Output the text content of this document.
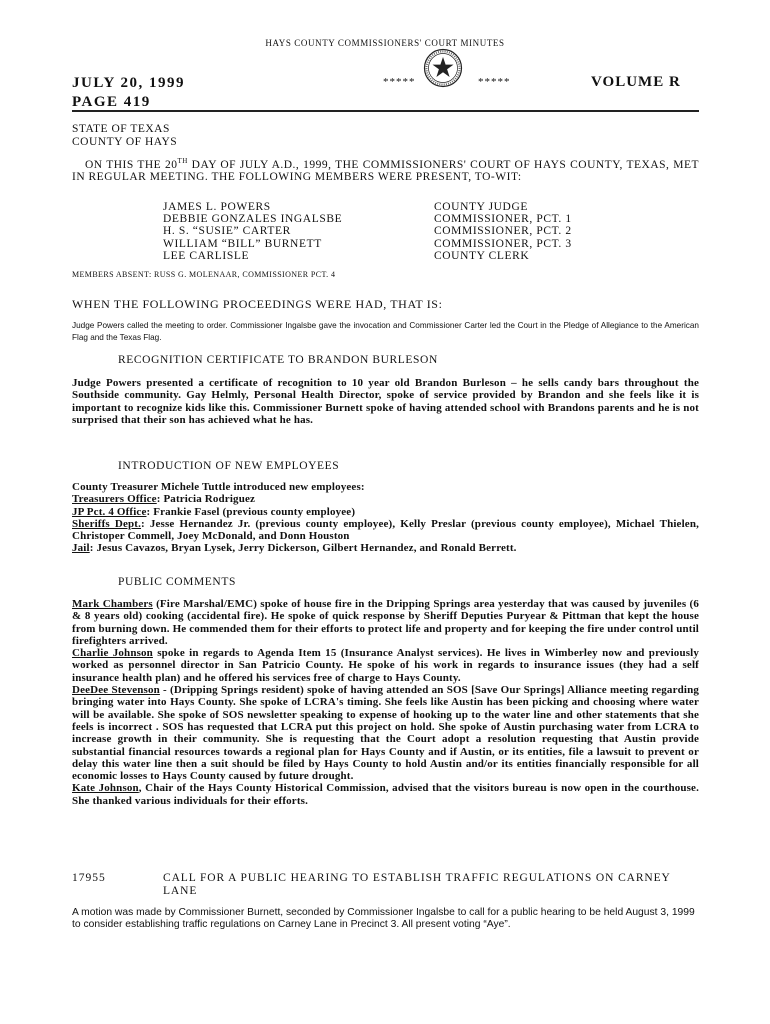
HAYS COUNTY COMMISSIONERS' COURT MINUTES
*****	*****
JULY 20, 1999
PAGE 419
VOLUME R
STATE OF TEXAS
COUNTY OF HAYS

ON THIS THE 20TH DAY OF JULY A.D., 1999, THE COMMISSIONERS' COURT OF HAYS COUNTY, TEXAS, MET IN REGULAR MEETING. THE FOLLOWING MEMBERS WERE PRESENT, TO-WIT:

JAMES L. POWERS	COUNTY JUDGE
DEBBIE GONZALES INGALSBE	COMMISSIONER, PCT. 1
H. S. “SUSIE” CARTER	COMMISSIONER, PCT. 2
WILLIAM “BILL” BURNETT	COMMISSIONER, PCT. 3
LEE CARLISLE	COUNTY CLERK
MEMBERS ABSENT: RUSS G. MOLENAAR, COMMISSIONER PCT. 4
WHEN THE FOLLOWING PROCEEDINGS WERE HAD, THAT IS:

Judge Powers called the meeting to order. Commissioner Ingalsbe gave the invocation and Commissioner Carter led the Court in the Pledge of Allegiance to the American Flag and the Texas Flag.

RECOGNITION CERTIFICATE TO BRANDON BURLESON

Judge Powers presented a certificate of recognition to 10 year old Brandon Burleson – he sells candy bars throughout the Southside community. Gay Helmly, Personal Health Director, spoke of service provided by Brandon and she feels like it is important to recognize kids like this. Commissioner Burnett spoke of having attended school with Brandons parents and he is not surprised that their son has achieved what he has.

INTRODUCTION OF NEW EMPLOYEES
County Treasurer Michele Tuttle introduced new employees:
Treasurers Office: Patricia Rodriguez
JP Pct. 4 Office: Frankie Fasel (previous county employee)
Sheriffs Dept.: Jesse Hernandez Jr. (previous county employee), Kelly Preslar (previous county employee), Michael Thielen, Christoper Commell, Joey McDonald, and Donn Houston
Jail: Jesus Cavazos, Bryan Lysek, Jerry Dickerson, Gilbert Hernandez, and Ronald Berrett.
PUBLIC COMMENTS

Mark Chambers (Fire Marshal/EMC) spoke of house fire in the Dripping Springs area yesterday that was caused by juveniles (6 & 8 years old) cooking (accidental fire). He spoke of quick response by Sheriff Deputies Puryear & Pittman that kept the house from burning down. He commended them for their efforts to protect life and property and for keeping the fire under control until firefighters arrived.

Charlie Johnson spoke in regards to Agenda Item 15 (Insurance Analyst services). He lives in Wimberley now and previously worked as personnel director in San Patricio County. He spoke of his work in regards to insurance issues (they had a self insurance health plan) and he offered his services free of charge to Hays County.

DeeDee Stevenson - (Dripping Springs resident) spoke of having attended an SOS [Save Our Springs] Alliance meeting regarding bringing water into Hays County. She spoke of LCRA's timing. She feels like Austin has been picking and choosing where water will be available. She spoke of SOS newsletter speaking to expense of hooking up to the water line and other statements that she feels is incorrect . SOS has requested that LCRA put this project on hold. She spoke of Austin purchasing water from LCRA to increase growth in their community. She is requesting that the Court adopt a resolution requesting that Austin provide substantial financial resources towards a regional plan for Hays County and if Austin, or its entities, file a lawsuit to prevent or delay this water line then a suit should be filed by Hays County to hold Austin and/or its entities financially responsible for all economic losses to Hays County caused by future drought.

Kate Johnson, Chair of the Hays County Historical Commission, advised that the visitors bureau is now open in the courthouse. She thanked various individuals for their efforts.

17955	CALL FOR A PUBLIC HEARING TO ESTABLISH TRAFFIC REGULATIONS ON CARNEY LANE

A motion was made by Commissioner Burnett, seconded by Commissioner Ingalsbe to call for a public hearing to be held August 3, 1999 to consider establishing traffic regulations on Carney Lane in Precinct 3. All present voting “Aye”.
